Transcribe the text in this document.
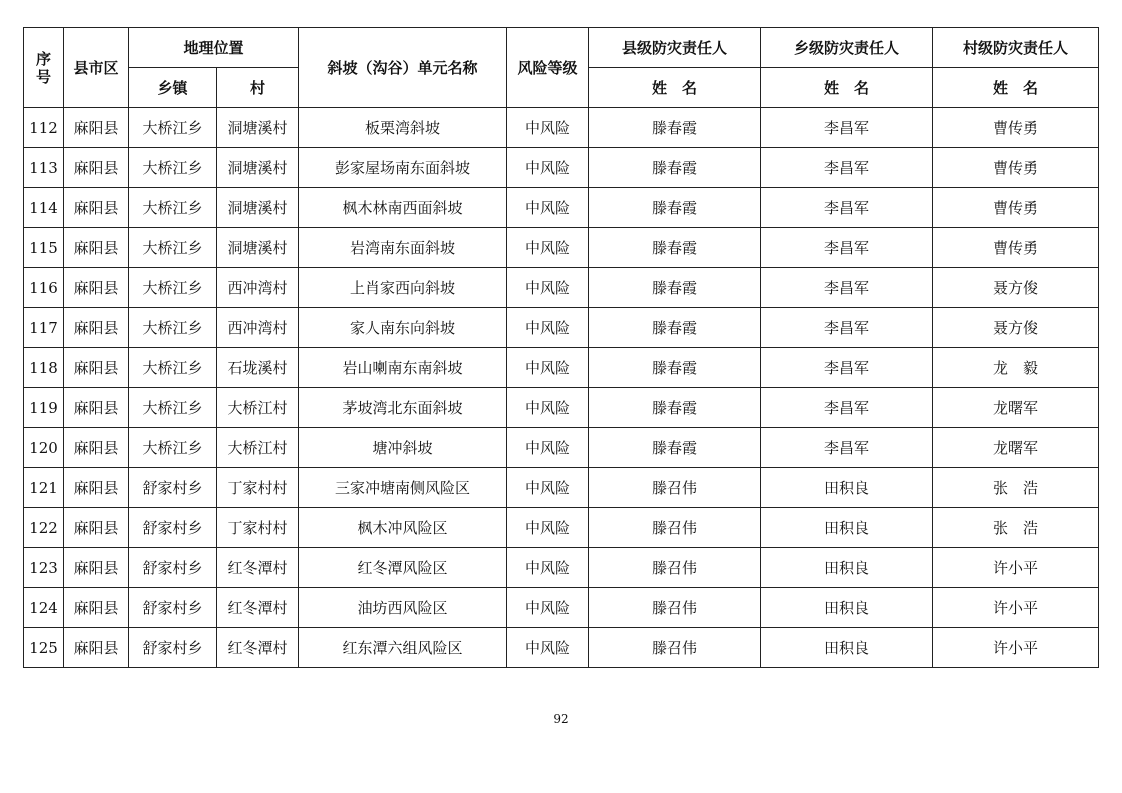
序
号	县市区	地理位置		斜坡（沟谷）单元名称	风险等级	县级防灾责任人	乡级防灾责任人	村级防灾责任人
		乡镇	村			姓　名	姓　名	姓　名
112	麻阳县	大桥江乡	洞塘溪村	板栗湾斜坡	中风险	滕春霞	李昌军	曹传勇
113	麻阳县	大桥江乡	洞塘溪村	彭家屋场南东面斜坡	中风险	滕春霞	李昌军	曹传勇
114	麻阳县	大桥江乡	洞塘溪村	枫木林南西面斜坡	中风险	滕春霞	李昌军	曹传勇
115	麻阳县	大桥江乡	洞塘溪村	岩湾南东面斜坡	中风险	滕春霞	李昌军	曹传勇
116	麻阳县	大桥江乡	西冲湾村	上肖家西向斜坡	中风险	滕春霞	李昌军	聂方俊
117	麻阳县	大桥江乡	西冲湾村	家人南东向斜坡	中风险	滕春霞	李昌军	聂方俊
118	麻阳县	大桥江乡	石垅溪村	岩山喇南东南斜坡	中风险	滕春霞	李昌军	龙　毅
119	麻阳县	大桥江乡	大桥江村	茅坡湾北东面斜坡	中风险	滕春霞	李昌军	龙曙军
120	麻阳县	大桥江乡	大桥江村	塘冲斜坡	中风险	滕春霞	李昌军	龙曙军
121	麻阳县	舒家村乡	丁家村村	三家冲塘南侧风险区	中风险	滕召伟	田积良	张　浩
122	麻阳县	舒家村乡	丁家村村	枫木冲风险区	中风险	滕召伟	田积良	张　浩
123	麻阳县	舒家村乡	红冬潭村	红冬潭风险区	中风险	滕召伟	田积良	许小平
124	麻阳县	舒家村乡	红冬潭村	油坊西风险区	中风险	滕召伟	田积良	许小平
125	麻阳县	舒家村乡	红冬潭村	红东潭六组风险区	中风险	滕召伟	田积良	许小平
92
